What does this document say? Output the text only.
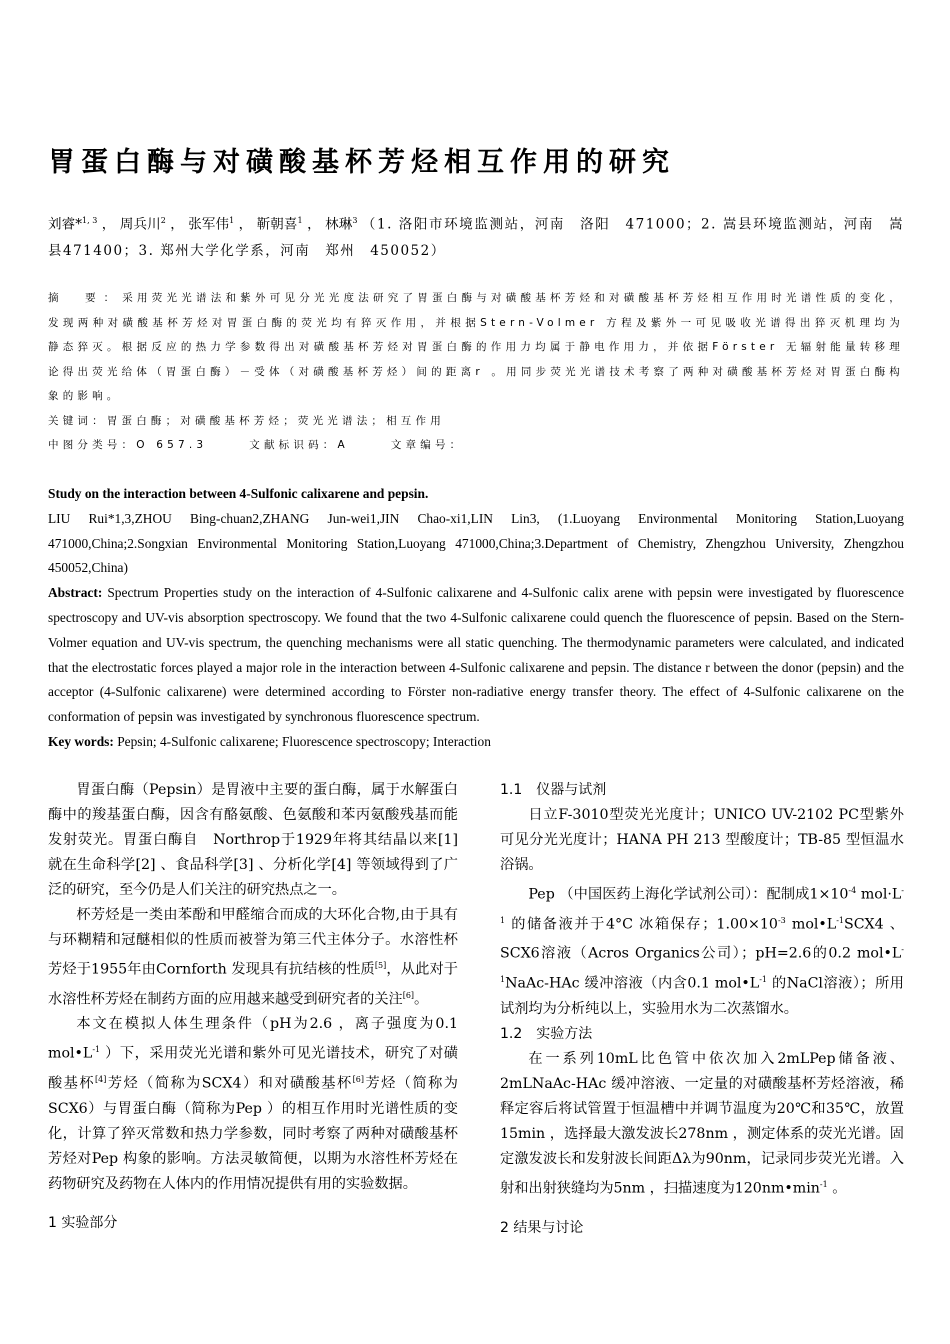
胃蛋白酶与对磺酸基杯芳烃相互作用的研究
刘睿*$^{1, 3}$ ， 周兵川$^2$ ， 张军伟$^1$ ， 靳朝喜$^1$ ， 林琳$^3$ （1. 洛阳市环境监测站，河南　洛阳　471000；2. 嵩县环境监测站，河南　嵩县471400；3. 郑州大学化学系，河南　郑州　450052）
摘　要：采用荧光光谱法和紫外可见分光光度法研究了胃蛋白酶与对磺酸基杯芳烃和对磺酸基杯芳烃相互作用时光谱性质的变化，发现两种对磺酸基杯芳烃对胃蛋白酶的荧光均有猝灭作用，并根据Stern-Volmer 方程及紫外一可见吸收光谱得出猝灭机理均为静态猝灭。根据反应的热力学参数得出对磺酸基杯芳烃对胃蛋白酶的作用力均属于静电作用力，并依据Förster 无辐射能量转移理论得出荧光给体（胃蛋白酶）－受体（对磺酸基杯芳烃）间的距离r 。用同步荧光光谱技术考察了两种对磺酸基杯芳烃对胃蛋白酶构象的影响。
关键词：胃蛋白酶；对磺酸基杯芳烃；荧光光谱法；相互作用
中图分类号：O 657.3	文献标识码：A	文章编号：

Study on the interaction between 4-Sulfonic calixarene and pepsin.

LIU Rui*1,3,ZHOU Bing-chuan2,ZHANG Jun-wei1,JIN Chao-xi1,LIN Lin3, (1.Luoyang Environmental Monitoring Station,Luoyang 471000,China;2.Songxian Environmental Monitoring Station,Luoyang 471000,China;3.Department of Chemistry, Zhengzhou University, Zhengzhou 450052,China)

Abstract: Spectrum Properties study on the interaction of 4-Sulfonic calixarene and 4-Sulfonic calix arene with pepsin were investigated by fluorescence spectroscopy and UV-vis absorption spectroscopy. We found that the two 4-Sulfonic calixarene could quench the fluorescence of pepsin. Based on the Stern-Volmer equation and UV-vis spectrum, the quenching mechanisms were all static quenching. The thermodynamic parameters were calculated, and indicated that the electrostatic forces played a major role in the interaction between 4-Sulfonic calixarene and pepsin. The distance r between the donor (pepsin) and the acceptor (4-Sulfonic calixarene) were determined according to Förster non-radiative energy transfer theory. The effect of 4-Sulfonic calixarene on the conformation of pepsin was investigated by synchronous fluorescence spectrum.

Key words: Pepsin; 4-Sulfonic calixarene; Fluorescence spectroscopy; Interaction

胃蛋白酶（Pepsin）是胃液中主要的蛋白酶，属于水解蛋白酶中的羧基蛋白酶，因含有酪氨酸、色氨酸和苯丙氨酸残基而能发射荧光。胃蛋白酶自　Northrop于1929年将其结晶以来[1] 就在生命科学[2] 、食品科学[3] 、分析化学[4] 等领域得到了广泛的研究，至今仍是人们关注的研究热点之一。

杯芳烃是一类由苯酚和甲醛缩合而成的大环化合物,由于具有与环糊精和冠醚相似的性质而被誉为第三代主体分子。水溶性杯芳烃于1955年由Cornforth 发现具有抗结核的性质[5]，从此对于水溶性杯芳烃在制药方面的应用越来越受到研究者的关注[6]。

本文在模拟人体生理条件（pH为2.6 ，离子强度为0.1 $mol•L^{-1}$ ）下，采用荧光光谱和紫外可见光谱技术，研究了对磺酸基杯[4]芳烃（简称为SCX4）和对磺酸基杯[6]芳烃（简称为SCX6）与胃蛋白酶（简称为Pep ）的相互作用时光谱性质的变化，计算了猝灭常数和热力学参数，同时考察了两种对磺酸基杯芳烃对Pep 构象的影响。方法灵敏简便，以期为水溶性杯芳烃在药物研究及药物在人体内的作用情况提供有用的实验数据。

1 实验部分

1.1　仪器与试剂

日立F-3010型荧光光度计；UNICO UV-2102 PC型紫外可见分光光度计；HANA PH 213 型酸度计；TB-85 型恒温水浴锅。

Pep （中国医药上海化学试剂公司）：配制成$1\times 10^{-4}$ $mol\cdot L^{-1}$ 的储备液并于4°C 冰箱保存；$1.00\times 10^{-3}$ $mol•L^{-1}SCX4$ 、SCX6溶液（Acros Organics公司）；pH=2.6的0.2 $mol•L^{-1}NaAc$-HAc 缓冲溶液（内含0.1 $mol•L^{-1}$ 的NaCl溶液）；所用试剂均为分析纯以上，实验用水为二次蒸馏水。

1.2　实验方法

在一系列10mL比色管中依次加入2mLPep储备液、2mLNaAc-HAc 缓冲溶液、一定量的对磺酸基杯芳烃溶液，稀释定容后将试管置于恒温槽中并调节温度为20℃和35℃，放置15min ，选择最大激发波长278nm ，测定体系的荧光光谱。固定激发波长和发射波长间距Δλ为90nm，记录同步荧光光谱。入射和出射狭缝均为5nm ，扫描速度为$120nm•\min^{-1}$ 。

2 结果与讨论
